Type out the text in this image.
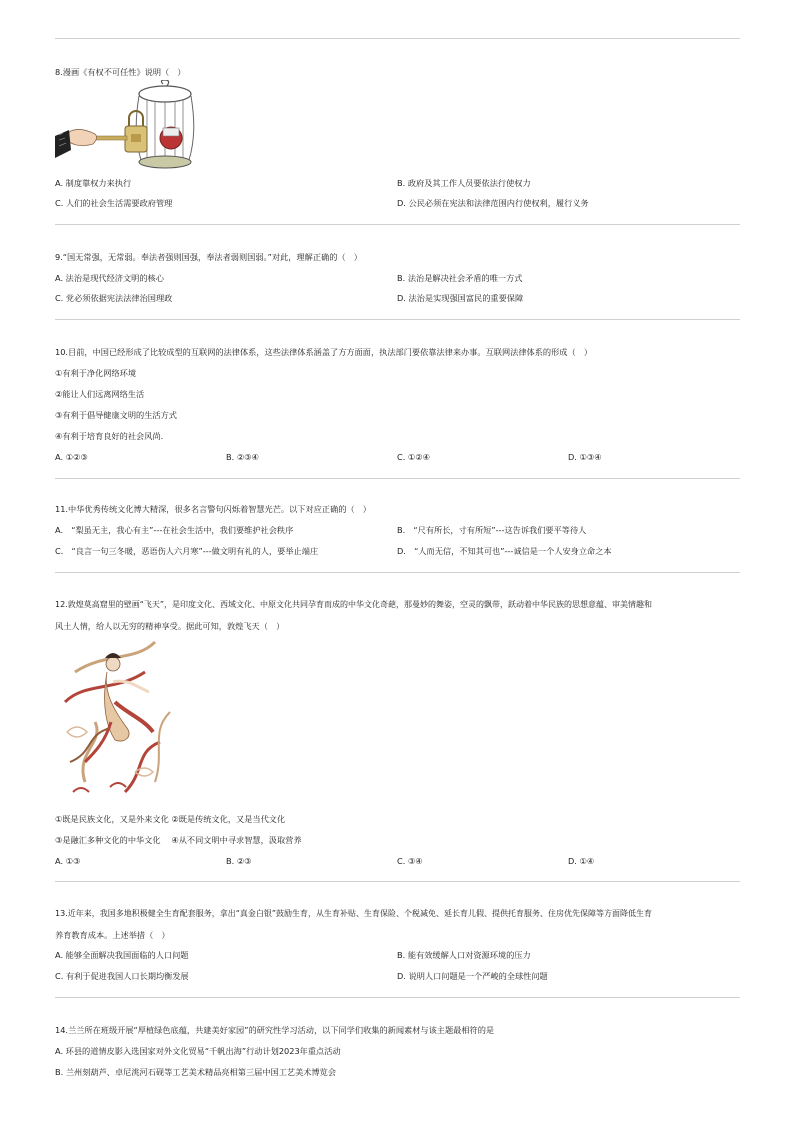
8.漫画《有权不可任性》说明（　）
A. 制度靠权力来执行	B. 政府及其工作人员要依法行使权力
C. 人们的社会生活需要政府管理	D. 公民必须在宪法和法律范围内行使权利，履行义务
9.“国无常强，无常弱。奉法者强则国强，奉法者弱则国弱。”对此，理解正确的（　）
A. 法治是现代经济文明的核心	B. 法治是解决社会矛盾的唯一方式
C. 党必须依据宪法法律治国理政	D. 法治是实现强国富民的重要保障
10.目前，中国已经形成了比较成型的互联网的法律体系，这些法律体系涵盖了方方面面，执法部门要依靠法律来办事。互联网法律体系的形成（　）
①有利于净化网络环境
②能让人们远离网络生活
③有利于倡导健康文明的生活方式
④有利于培育良好的社会风尚.
A. ①②③	B. ②③④	C. ①②④	D. ①③④
11.中华优秀传统文化博大精深，很多名言警句闪烁着智慧光芒。以下对应正确的（　）
A.　“梨虽无主，我心有主”---在社会生活中，我们要维护社会秩序	B.　“尺有所长，寸有所短”---这告诉我们要平等待人
C.　“良言一句三冬暖，恶语伤人六月寒”---做文明有礼的人，要举止端庄	D.　“人而无信，不知其可也”---诚信是一个人安身立命之本
12.敦煌莫高窟里的壁画“飞天”，是印度文化、西域文化、中原文化共同孕育而成的中华文化奇葩，那曼妙的舞姿，空灵的飘带，跃动着中华民族的思想意蕴、审美情趣和
风土人情，给人以无穷的精神享受。据此可知，敦煌飞天（　）
①既是民族文化，又是外来文化 ②既是传统文化，又是当代文化
③是融汇多种文化的中华文化　 ④从不同文明中寻求智慧，汲取营养
A. ①③	B. ②③	C. ③④	D. ①④
13.近年来，我国多地积极健全生育配套服务，拿出“真金白银”鼓励生育，从生育补贴、生育保险、个税减免、延长育儿假、提供托育服务、住房优先保障等方面降低生育
养育教育成本。上述举措（　）
A. 能够全面解决我国面临的人口问题	B. 能有效缓解人口对资源环境的压力
C. 有利于促进我国人口长期均衡发展	D. 说明人口问题是一个严峻的全球性问题
14.兰兰所在班级开展“厚植绿色底蕴，共建美好家园”的研究性学习活动，以下同学们收集的新闻素材与该主题最相符的是
A. 环县的道情皮影入选国家对外文化贸易“千帆出海”行动计划2023年重点活动
B. 兰州刻葫芦、卓尼洮河石砚等工艺美术精品亮相第三届中国工艺美术博览会
